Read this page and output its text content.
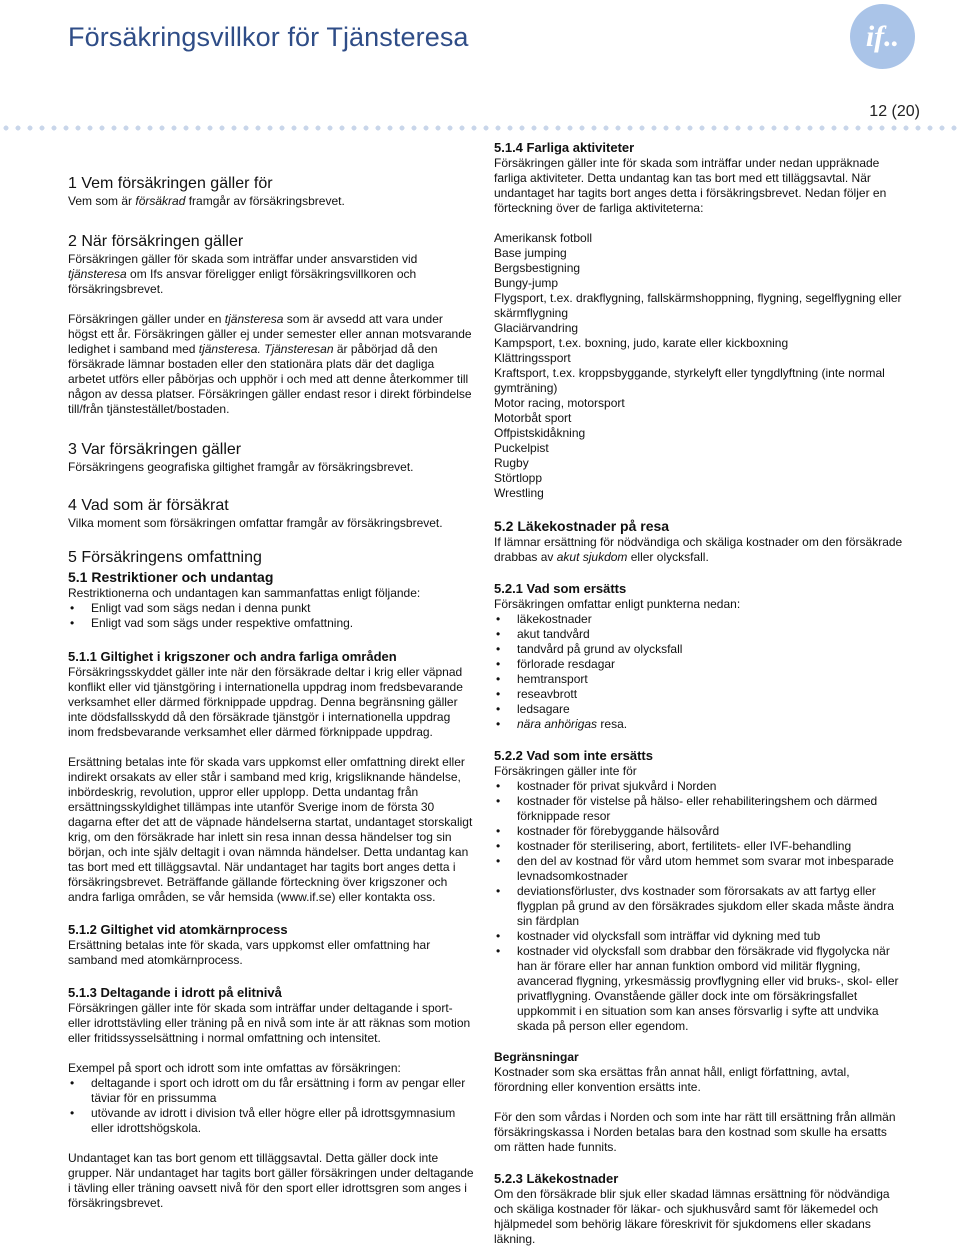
Försäkringsvillkor för Tjänsteresa	if..
12 (20)
1 Vem försäkringen gäller för

Vem som är försäkrad framgår av försäkringsbrevet.

2 När försäkringen gäller

Försäkringen gäller för skada som inträffar under ansvarstiden vid tjänsteresa om Ifs ansvar föreligger enligt försäkringsvillkoren och försäkringsbrevet.

Försäkringen gäller under en tjänsteresa som är avsedd att vara under högst ett år. Försäkringen gäller ej under semester eller annan motsvarande ledighet i samband med tjänsteresa. Tjänsteresan är påbörjad då den försäkrade lämnar bostaden eller den stationära plats där det dagliga arbetet utförs eller påbörjas och upphör i och med att denne återkommer till någon av dessa platser. Försäkringen gäller endast resor i direkt förbindelse till/från tjänstestället/bostaden.

3 Var försäkringen gäller

Försäkringens geografiska giltighet framgår av försäkringsbrevet.

4 Vad som är försäkrat

Vilka moment som försäkringen omfattar framgår av försäkringsbrevet.

5 Försäkringens omfattning
5.1 Restriktioner och undantag

Restriktionerna och undantagen kan sammanfattas enligt följande:

• Enligt vad som sägs nedan i denna punkt
• Enligt vad som sägs under respektive omfattning.
5.1.1 Giltighet i krigszoner och andra farliga områden

Försäkringsskyddet gäller inte när den försäkrade deltar i krig eller väpnad konflikt eller vid tjänstgöring i internationella uppdrag inom fredsbevarande verksamhet eller därmed förknippade uppdrag. Denna begränsning gäller inte dödsfallsskydd då den försäkrade tjänstgör i internationella uppdrag inom fredsbevarande verksamhet eller därmed förknippade uppdrag.

Ersättning betalas inte för skada vars uppkomst eller omfattning direkt eller indirekt orsakats av eller står i samband med krig, krigsliknande händelse, inbördeskrig, revolution, uppror eller upplopp. Detta undantag från ersättningsskyldighet tillämpas inte utanför Sverige inom de första 30 dagarna efter det att de väpnade händelserna startat, undantaget storskaligt krig, om den försäkrade har inlett sin resa innan dessa händelser tog sin början, och inte själv deltagit i ovan nämnda händelser. Detta undantag kan tas bort med ett tilläggsavtal. När undantaget har tagits bort anges detta i försäkringsbrevet. Beträffande gällande förteckning över krigszoner och andra farliga områden, se vår hemsida (www.if.se) eller kontakta oss.

5.1.2 Giltighet vid atomkärnprocess

Ersättning betalas inte för skada, vars uppkomst eller omfattning har samband med atomkärnprocess.

5.1.3 Deltagande i idrott på elitnivå

Försäkringen gäller inte för skada som inträffar under deltagande i sport- eller idrottstävling eller träning på en nivå som inte är att räknas som motion eller fritidssysselsättning i normal omfattning och intensitet.

Exempel på sport och idrott som inte omfattas av försäkringen:

• deltagande i sport och idrott om du får ersättning i form av pengar eller täviar för en prissumma
• utövande av idrott i division två eller högre eller på idrottsgymnasium eller idrottshögskola.

Undantaget kan tas bort genom ett tilläggsavtal. Detta gäller dock inte grupper. När undantaget har tagits bort gäller försäkringen under deltagande i tävling eller träning oavsett nivå för den sport eller idrottsgren som anges i försäkringsbrevet.

5.1.4 Farliga aktiviteter

Försäkringen gäller inte för skada som inträffar under nedan uppräknade farliga aktiviteter. Detta undantag kan tas bort med ett tilläggsavtal. När undantaget har tagits bort anges detta i försäkringsbrevet. Nedan följer en förteckning över de farliga aktiviteterna:

Amerikansk fotboll
Base jumping
Bergsbestigning
Bungy-jump
Flygsport, t.ex. drakflygning, fallskärmshoppning, flygning, segelflygning eller skärmflygning
Glaciärvandring
Kampsport, t.ex. boxning, judo, karate eller kickboxning
Klättringssport
Kraftsport, t.ex. kroppsbyggande, styrkelyft eller tyngdlyftning (inte normal gymträning)
Motor racing, motorsport
Motorbåt sport
Offpistskidåkning
Puckelpist
Rugby
Störtlopp
Wrestling
5.2 Läkekostnader på resa

If lämnar ersättning för nödvändiga och skäliga kostnader om den försäkrade drabbas av akut sjukdom eller olycksfall.

5.2.1 Vad som ersätts

Försäkringen omfattar enligt punkterna nedan:

• läkekostnader
• akut tandvård
• tandvård på grund av olycksfall
• förlorade resdagar
• hemtransport
• reseavbrott
• ledsagare
• nära anhörigas resa.
5.2.2 Vad som inte ersätts

Försäkringen gäller inte för

• kostnader för privat sjukvård i Norden
• kostnader för vistelse på hälso- eller rehabiliteringshem och därmed förknippade resor
• kostnader för förebyggande hälsovård
• kostnader för sterilisering, abort, fertilitets- eller IVF-behandling
• den del av kostnad för vård utom hemmet som svarar mot inbesparade levnadsomkostnader
• deviationsförluster, dvs kostnader som förorsakats av att fartyg eller flygplan på grund av den försäkrades sjukdom eller skada måste ändra sin färdplan
• kostnader vid olycksfall som inträffar vid dykning med tub
• kostnader vid olycksfall som drabbar den försäkrade vid flygolycka när han är förare eller har annan funktion ombord vid militär flygning, avancerad flygning, yrkesmässig provflygning eller vid bruks-, skol- eller privatflygning. Ovanstående gäller dock inte om försäkringsfallet uppkommit i en situation som kan anses försvarlig i syfte att undvika skada på person eller egendom.
Begränsningar

Kostnader som ska ersättas från annat håll, enligt författning, avtal, förordning eller konvention ersätts inte.

För den som vårdas i Norden och som inte har rätt till ersättning från allmän försäkringskassa i Norden betalas bara den kostnad som skulle ha ersatts om rätten hade funnits.

5.2.3 Läkekostnader

Om den försäkrade blir sjuk eller skadad lämnas ersättning för nödvändiga och skäliga kostnader för läkar- och sjukhusvård samt för läkemedel och hjälpmedel som behörig läkare föreskrivit för sjukdomens eller skadans läkning.
